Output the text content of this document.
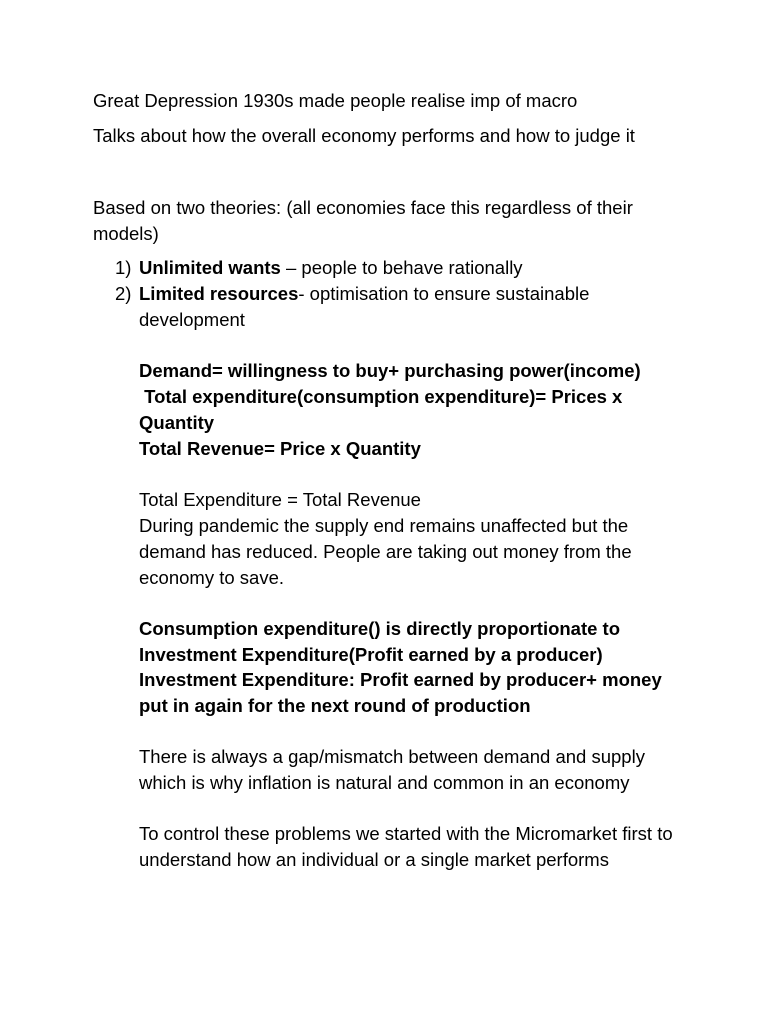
Great Depression 1930s made people realise imp of macro

Talks about how the overall economy performs and how to judge it

Based on two theories: (all economies face this regardless of their models)

1) Unlimited wants – people to behave rationally
2) Limited resources- optimisation to ensure sustainable development

Demand= willingness to buy+ purchasing power(income)

Total expenditure(consumption expenditure)= Prices x Quantity

Total Revenue= Price x Quantity

Total Expenditure = Total Revenue

During pandemic the supply end remains unaffected but the demand has reduced. People are taking out money from the economy to save.

Consumption expenditure() is directly proportionate to

Investment Expenditure(Profit earned by a producer)

Investment Expenditure: Profit earned by producer+ money put in again for the next round of production

There is always a gap/mismatch between demand and supply which is why inflation is natural and common in an economy

To control these problems we started with the Micromarket first to understand how an individual or a single market performs
